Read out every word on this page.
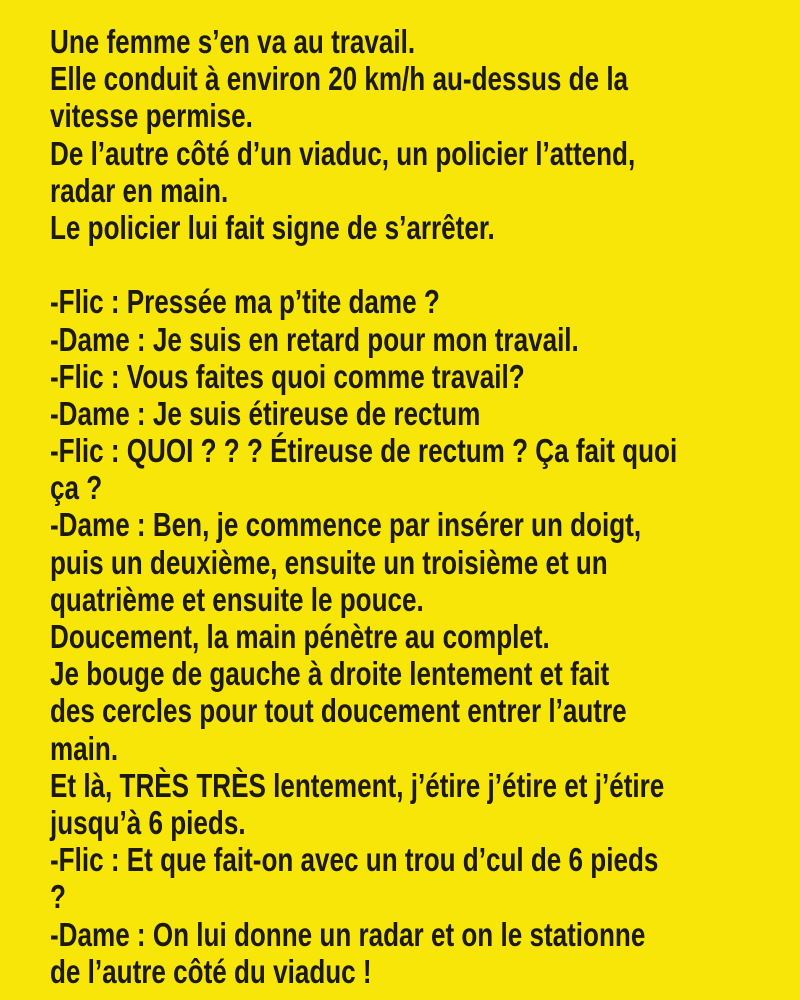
Une femme s’en va au travail.
Elle conduit à environ 20 km/h au-dessus de la
vitesse permise.
De l’autre côté d’un viaduc, un policier l’attend,
radar en main.
Le policier lui fait signe de s’arrêter.
-Flic : Pressée ma p’tite dame ?
-Dame : Je suis en retard pour mon travail.
-Flic : Vous faites quoi comme travail?
-Dame : Je suis étireuse de rectum
-Flic : QUOI ? ? ? Étireuse de rectum ? Ça fait quoi
ça ?
-Dame : Ben, je commence par insérer un doigt,
puis un deuxième, ensuite un troisième et un
quatrième et ensuite le pouce.
Doucement, la main pénètre au complet.
Je bouge de gauche à droite lentement et fait
des cercles pour tout doucement entrer l’autre
main.
Et là, TRÈS TRÈS lentement, j’étire j’étire et j’étire
jusqu’à 6 pieds.
-Flic : Et que fait-on avec un trou d’cul de 6 pieds
?
-Dame : On lui donne un radar et on le stationne
de l’autre côté du viaduc !
